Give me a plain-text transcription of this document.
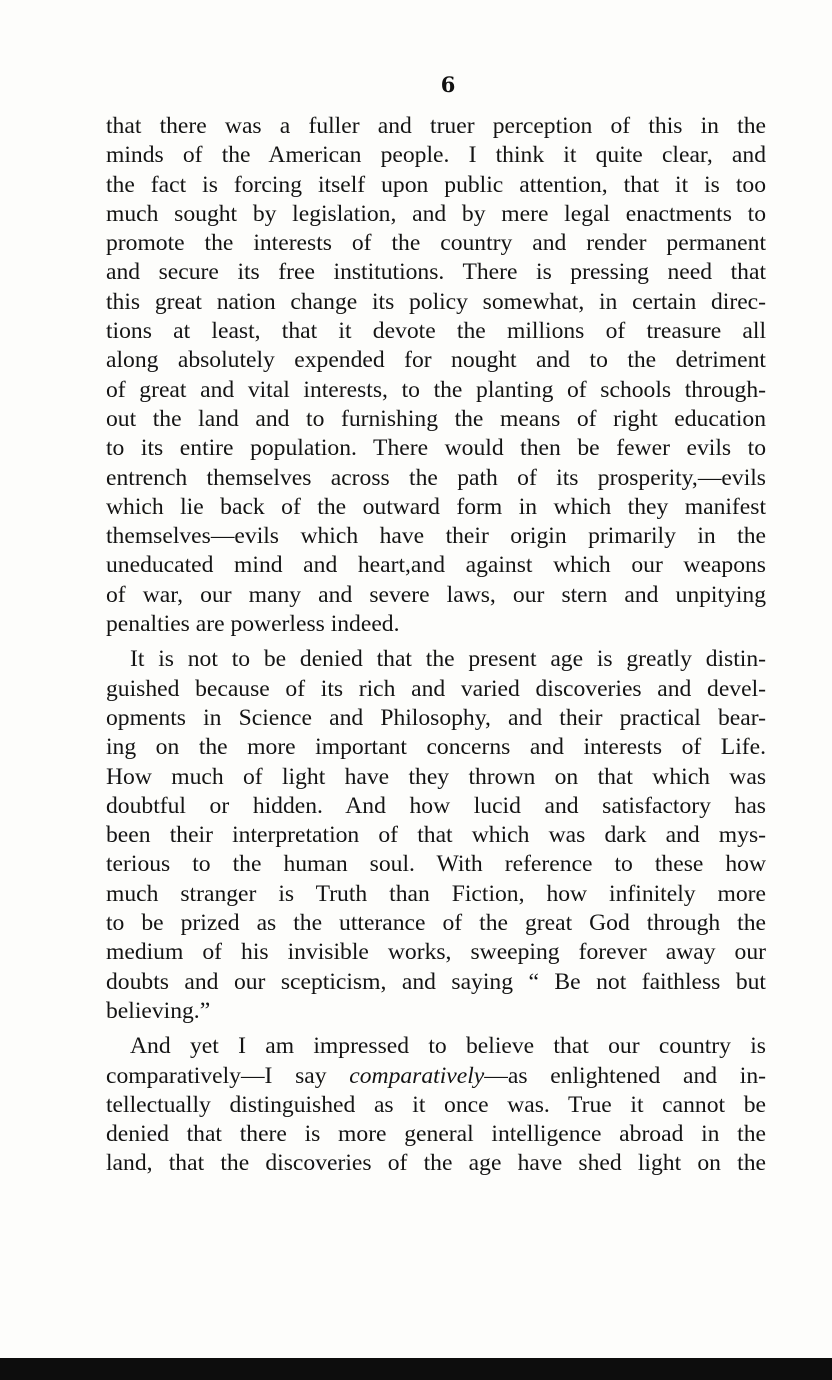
6
that there was a fuller and truer perception of this in the
minds of the American people. I think it quite clear, and
the fact is forcing itself upon public attention, that it is too
much sought by legislation, and by mere legal enactments to
promote the interests of the country and render permanent
and secure its free institutions. There is pressing need that
this great nation change its policy somewhat, in certain direc-
tions at least, that it devote the millions of treasure all
along absolutely expended for nought and to the detriment
of great and vital interests, to the planting of schools through-
out the land and to furnishing the means of right education
to its entire population. There would then be fewer evils to
entrench themselves across the path of its prosperity,—evils
which lie back of the outward form in which they manifest
themselves—evils which have their origin primarily in the
uneducated mind and heart,and against which our weapons
of war, our many and severe laws, our stern and unpitying
penalties are powerless indeed.
It is not to be denied that the present age is greatly distin-
guished because of its rich and varied discoveries and devel-
opments in Science and Philosophy, and their practical bear-
ing on the more important concerns and interests of Life.
How much of light have they thrown on that which was
doubtful or hidden. And how lucid and satisfactory has
been their interpretation of that which was dark and mys-
terious to the human soul. With reference to these how
much stranger is Truth than Fiction, how infinitely more
to be prized as the utterance of the great God through the
medium of his invisible works, sweeping forever away our
doubts and our scepticism, and saying “ Be not faithless but
believing.”
And yet I am impressed to believe that our country is
comparatively—I say comparatively—as enlightened and in-
tellectually distinguished as it once was. True it cannot be
denied that there is more general intelligence abroad in the
land, that the discoveries of the age have shed light on the
